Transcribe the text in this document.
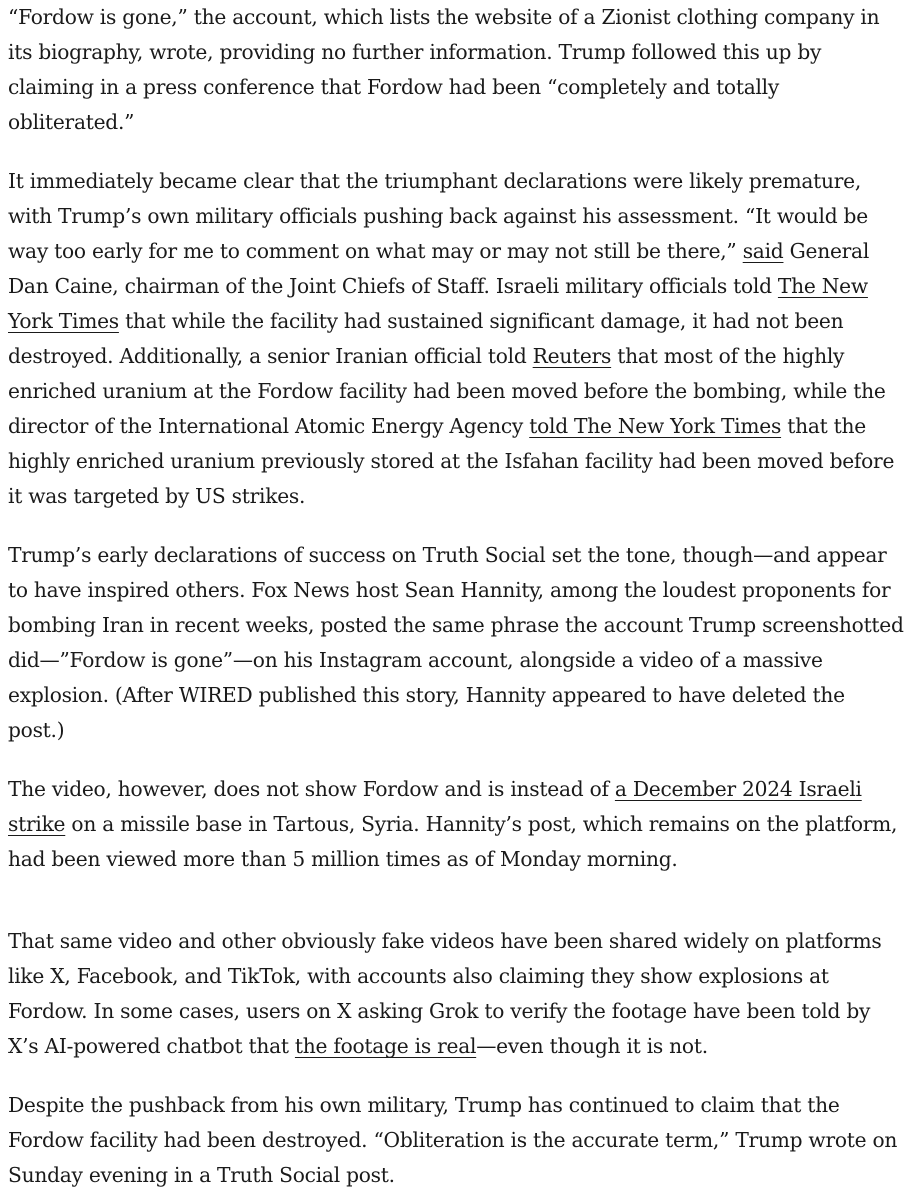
“Fordow is gone,” the account, which lists the website of a Zionist clothing company in its biography, wrote, providing no further information. Trump followed this up by claiming in a press conference that Fordow had been “completely and totally obliterated.”

It immediately became clear that the triumphant declarations were likely premature, with Trump’s own military officials pushing back against his assessment. “It would be way too early for me to comment on what may or may not still be there,” said General Dan Caine, chairman of the Joint Chiefs of Staff. Israeli military officials told The New York Times that while the facility had sustained significant damage, it had not been destroyed. Additionally, a senior Iranian official told Reuters that most of the highly enriched uranium at the Fordow facility had been moved before the bombing, while the director of the International Atomic Energy Agency told The New York Times that the highly enriched uranium previously stored at the Isfahan facility had been moved before it was targeted by US strikes.

Trump’s early declarations of success on Truth Social set the tone, though—and appear to have inspired others. Fox News host Sean Hannity, among the loudest proponents for bombing Iran in recent weeks, posted the same phrase the account Trump screenshotted did—”Fordow is gone”—on his Instagram account, alongside a video of a massive explosion. (After WIRED published this story, Hannity appeared to have deleted the post.)

The video, however, does not show Fordow and is instead of a December 2024 Israeli strike on a missile base in Tartous, Syria. Hannity’s post, which remains on the platform, had been viewed more than 5 million times as of Monday morning.

That same video and other obviously fake videos have been shared widely on platforms like X, Facebook, and TikTok, with accounts also claiming they show explosions at Fordow. In some cases, users on X asking Grok to verify the footage have been told by X’s AI-powered chatbot that the footage is real—even though it is not.

Despite the pushback from his own military, Trump has continued to claim that the Fordow facility had been destroyed. “Obliteration is the accurate term,” Trump wrote on Sunday evening in a Truth Social post.
